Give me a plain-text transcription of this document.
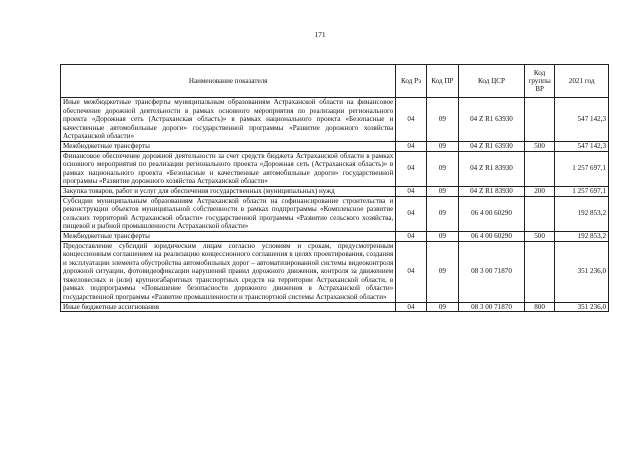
171
Наименование показателя	Код Рз	Код ПР	Код ЦСР	Код группы ВР	2021 год
Иные межбюджетные трансферты муниципальным образованиям Астраханской области на финансовое обеспечение дорожной деятельности в рамках основного мероприятия по реализации регионального проекта «Дорожная сеть (Астраханская область)» в рамках национального проекта «Безопасные и качественные автомобильные дороги» государственной программы «Развитие дорожного хозяйства Астраханской области»	04	09	04 Z R1 63930		547 142,3
Межбюджетные трансферты	04	09	04 Z R1 63930	500	547 142,3
Финансовое обеспечение дорожной деятельности за счет средств бюджета Астраханской области в рамках основного мероприятия по реализации регионального проекта «Дорожная сеть (Астраханская область)» в рамках национального проекта «Безопасные и качественные автомобильные дороги» государственной программы «Развитие дорожного хозяйства Астраханской области»	04	09	04 Z R1 83930		1 257 697,1
Закупка товаров, работ и услуг для обеспечения государственных (муниципальных) нужд	04	09	04 Z R1 83930	200	1 257 697,1
Субсидии муниципальным образованиям Астраханской области на софинансирование строительства и реконструкции объектов муниципальной собственности в рамках подпрограммы «Комплексное развитие сельских территорий Астраханской области» государственной программы «Развитие сельского хозяйства, пищевой и рыбной промышленности Астраханской области»	04	09	06 4 00 60290		192 853,2
Межбюджетные трансферты	04	09	06 4 00 60290	500	192 853,2
Предоставление субсидий юридическим лицам согласно условиям и срокам, предусмотренным концессионным соглашением на реализацию концессионного соглашения в целях проектирования, создания и эксплуатации элемента обустройства автомобильных дорог – автоматизированной системы видеоконтроля дорожной ситуации, фотовидеофиксации нарушений правил дорожного движения, контроля за движением тяжеловесных и (или) крупногабаритных транспортных средств на территории Астраханской области, в рамках подпрограммы «Повышение безопасности дорожного движения в Астраханской области» государственной программы «Развитие промышленности и транспортной системы Астраханской области»	04	09	08 3 00 71870		351 236,0
Иные бюджетные ассигнования	04	09	08 3 00 71870	800	351 236,0
